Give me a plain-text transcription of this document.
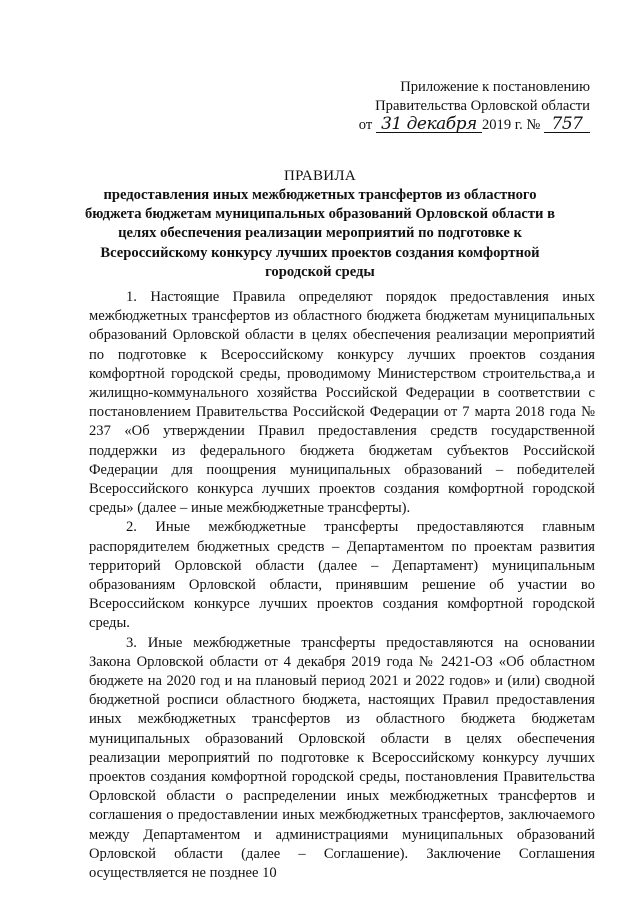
Приложение к постановлению
Правительства Орловской области
от 31 декабря 2019 г. № 757
ПРАВИЛА
предоставления иных межбюджетных трансфертов из областного бюджета бюджетам муниципальных образований Орловской области в целях обеспечения реализации мероприятий по подготовке к Всероссийскому конкурсу лучших проектов создания комфортной городской среды

1. Настоящие Правила определяют порядок предоставления иных межбюджетных трансфертов из областного бюджета бюджетам муниципальных образований Орловской области в целях обеспечения реализации мероприятий по подготовке к Всероссийскому конкурсу лучших проектов создания комфортной городской среды, проводимому Министерством строительства,а и жилищно-коммунального хозяйства Российской Федерации в соответствии с постановлением Правительства Российской Федерации от 7 марта 2018 года № 237 «Об утверждении Правил предоставления средств государственной поддержки из федерального бюджета бюджетам субъектов Российской Федерации для поощрения муниципальных образований – победителей Всероссийского конкурса лучших проектов создания комфортной городской среды» (далее – иные межбюджетные трансферты).

2. Иные межбюджетные трансферты предоставляются главным распорядителем бюджетных средств – Департаментом по проектам развития территорий Орловской области (далее – Департамент) муниципальным образованиям Орловской области, принявшим решение об участии во Всероссийском конкурсе лучших проектов создания комфортной городской среды.

3. Иные межбюджетные трансферты предоставляются на основании Закона Орловской области от 4 декабря 2019 года № 2421-ОЗ «Об областном бюджете на 2020 год и на плановый период 2021 и 2022 годов» и (или) сводной бюджетной росписи областного бюджета, настоящих Правил предоставления иных межбюджетных трансфертов из областного бюджета бюджетам муниципальных образований Орловской области в целях обеспечения реализации мероприятий по подготовке к Всероссийскому конкурсу лучших проектов создания комфортной городской среды, постановления Правительства Орловской области о распределении иных межбюджетных трансфертов и соглашения о предоставлении иных межбюджетных трансфертов, заключаемого между Департаментом и администрациями муниципальных образований Орловской области (далее – Соглашение). Заключение Соглашения осуществляется не позднее 10
